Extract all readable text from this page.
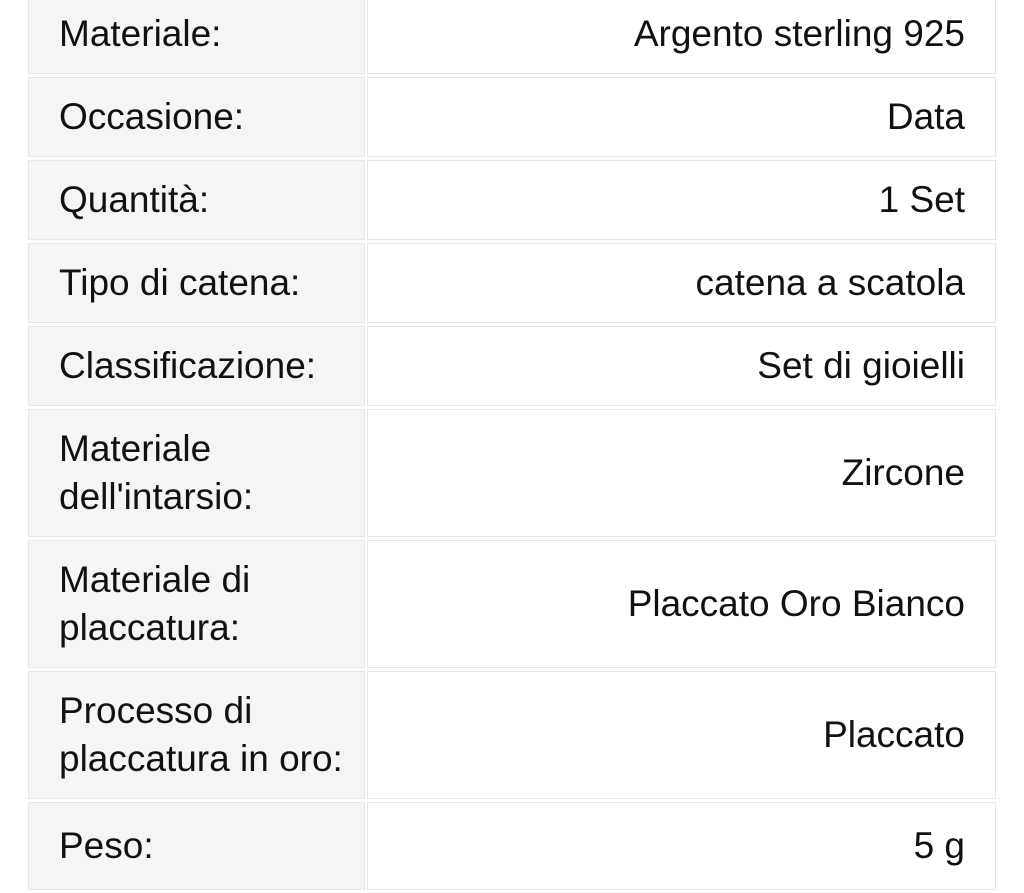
Materiale:	Argento sterling 925
Occasione:	Data
Quantità:	1 Set
Tipo di catena:	catena a scatola
Classificazione:	Set di gioielli
Materiale dell'intarsio:
Zircone
Materiale di placcatura:
Placcato Oro Bianco
Processo di placcatura in oro:
Placcato
Peso:	5 g
